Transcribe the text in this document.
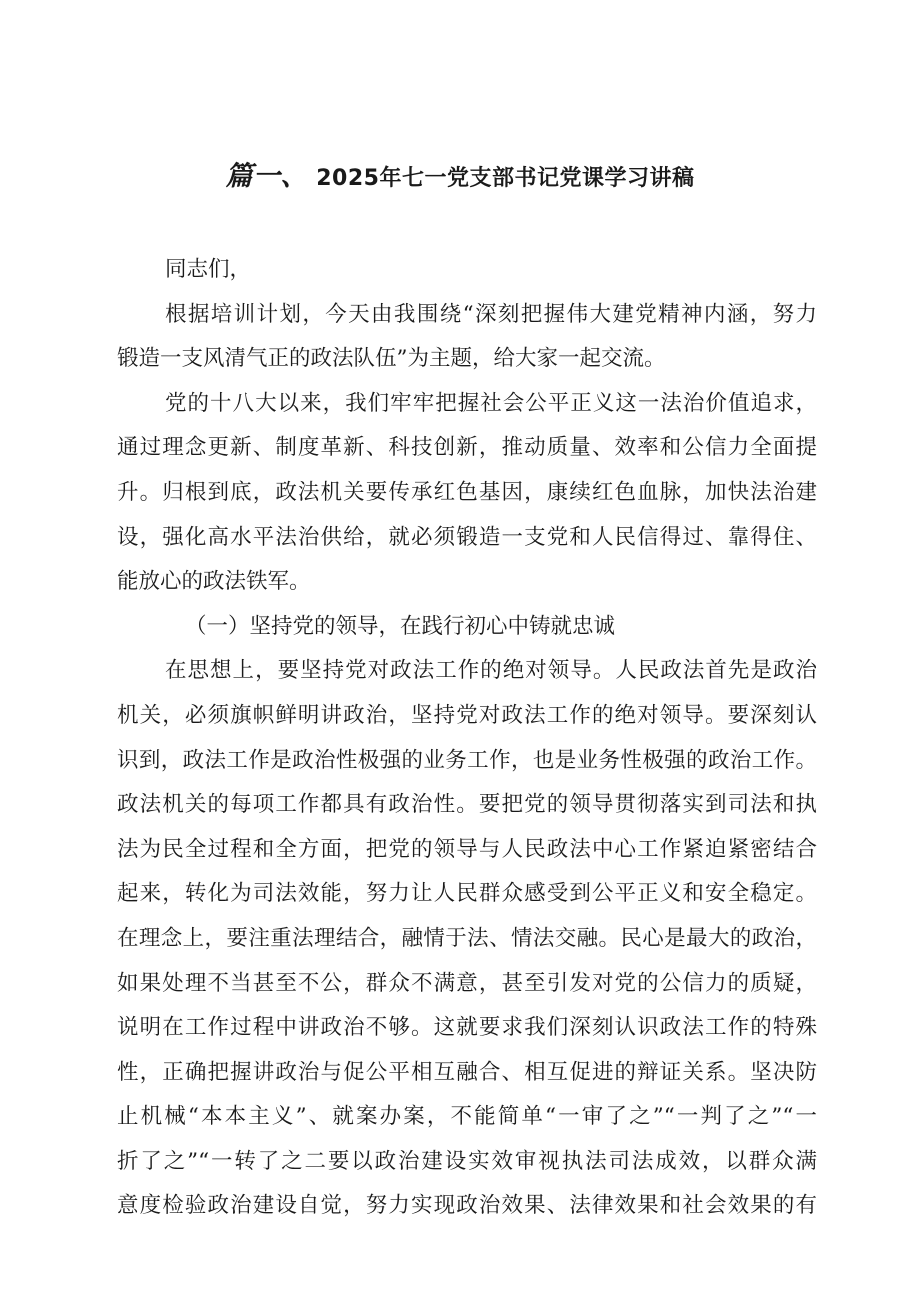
篇一、 2025年七一党支部书记党课学习讲稿
同志们，
根据培训计划，今天由我围绕“深刻把握伟大建党精神内涵，努力
锻造一支风清气正的政法队伍”为主题，给大家一起交流。
党的十八大以来，我们牢牢把握社会公平正义这一法治价值追求，
通过理念更新、制度革新、科技创新，推动质量、效率和公信力全面提
升。归根到底，政法机关要传承红色基因，康续红色血脉，加快法治建
设，强化高水平法治供给，就必须锻造一支党和人民信得过、靠得住、
能放心的政法铁军。
（一）坚持党的领导，在践行初心中铸就忠诚
在思想上，要坚持党对政法工作的绝对领导。人民政法首先是政治
机关，必须旗帜鲜明讲政治，坚持党对政法工作的绝对领导。要深刻认
识到，政法工作是政治性极强的业务工作，也是业务性极强的政治工作。
政法机关的每项工作都具有政治性。要把党的领导贯彻落实到司法和执
法为民全过程和全方面，把党的领导与人民政法中心工作紧迫紧密结合
起来，转化为司法效能，努力让人民群众感受到公平正义和安全稳定。
在理念上，要注重法理结合，融情于法、情法交融。民心是最大的政治，
如果处理不当甚至不公，群众不满意，甚至引发对党的公信力的质疑，
说明在工作过程中讲政治不够。这就要求我们深刻认识政法工作的特殊
性，正确把握讲政治与促公平相互融合、相互促进的辩证关系。坚决防
止机械“本本主义”、就案办案，不能简单“一审了之”“一判了之”“一
折了之”“一转了之二要以政治建设实效审视执法司法成效，以群众满
意度检验政治建设自觉，努力实现政治效果、法律效果和社会效果的有
